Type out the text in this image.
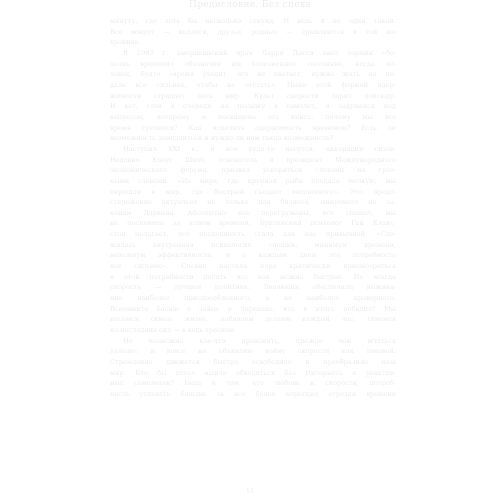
Предисловие. Без спеха
минуту, где хоть бы несколько секунд. И ведь я не один такой.
Все вокруг — коллеги, друзья, родные — зрывляются в той же
хронике.
В 1982 г. американский врач Ларри Досси ввел термин «бо-
лезнь времени» обозначив им болезненное состояние, когда че-
ловек, будто «время уходит, его не хватает, нужно жать на пе-
даль все сильнее, чтобы не отстать». Ныне этой формой одер-
жимости страдает весь мир. Культ скорости дарит повсюду.
И вот, стоя в очереди на посадку в самолет, я задумался над
вопросом, которому и посвящена эта книга: почему мы все
время суетимся? Как исцелить одержимость временем? Есть ли
возможность замедлиться и нужно ли нам такая возможность?
Наступил XXI в., и все куда-то несутся, аккерации сизов.
Недавно Клаус Шваб, основатель и президент Международного
экономического форума, призвал ускоряться словами на гроз-
ными словами: «Из мира, где крупная рыба поедала мелкую, мы
перешли в мир, где быстрый съедает медленного». Это предо-
стережение актуально не только для бизнеса, минуемого по за-
конам Дарвина. Абсолютно все перегружены, все спешат, мы
не поспеваем за ходом времени. Британский психолог Гай Клакс-
стон полагает, что поспешность стала для нас привычной: «Сло-
жилась внутренняя психология спешки, минимум времени,
максимум эффективности, и с каждым днем эта потребность
все сильнее». Словно настала пора критически присмотреться
к этой потребности делать все как можно быстрее. Не всегда
скорость — лучшая политика. Эволюция обеспечила выжива-
ние наиболее приспособленного, а не наиболее проворного.
Вспомните басню о зайце и черепахе: кто в итоге победил? Мы
несемся сквозь жизнь, набиваем делами каждый час, тянемся
из последних сил — в ведь тресном.
Но возможно кое-что прояснить, прежде чем мчаться
дальше: я вовсе не объявляю войну скорости как таковой.
Стремление движется быстро освободило и преобразило наш
мир. Кто бы хотел нынче обходиться без Интернета и реактив-
ных самолетов? Беда в том, что любовь к скорости, потреб-
ность успевать больше за все более короткие отрезки времени
11
